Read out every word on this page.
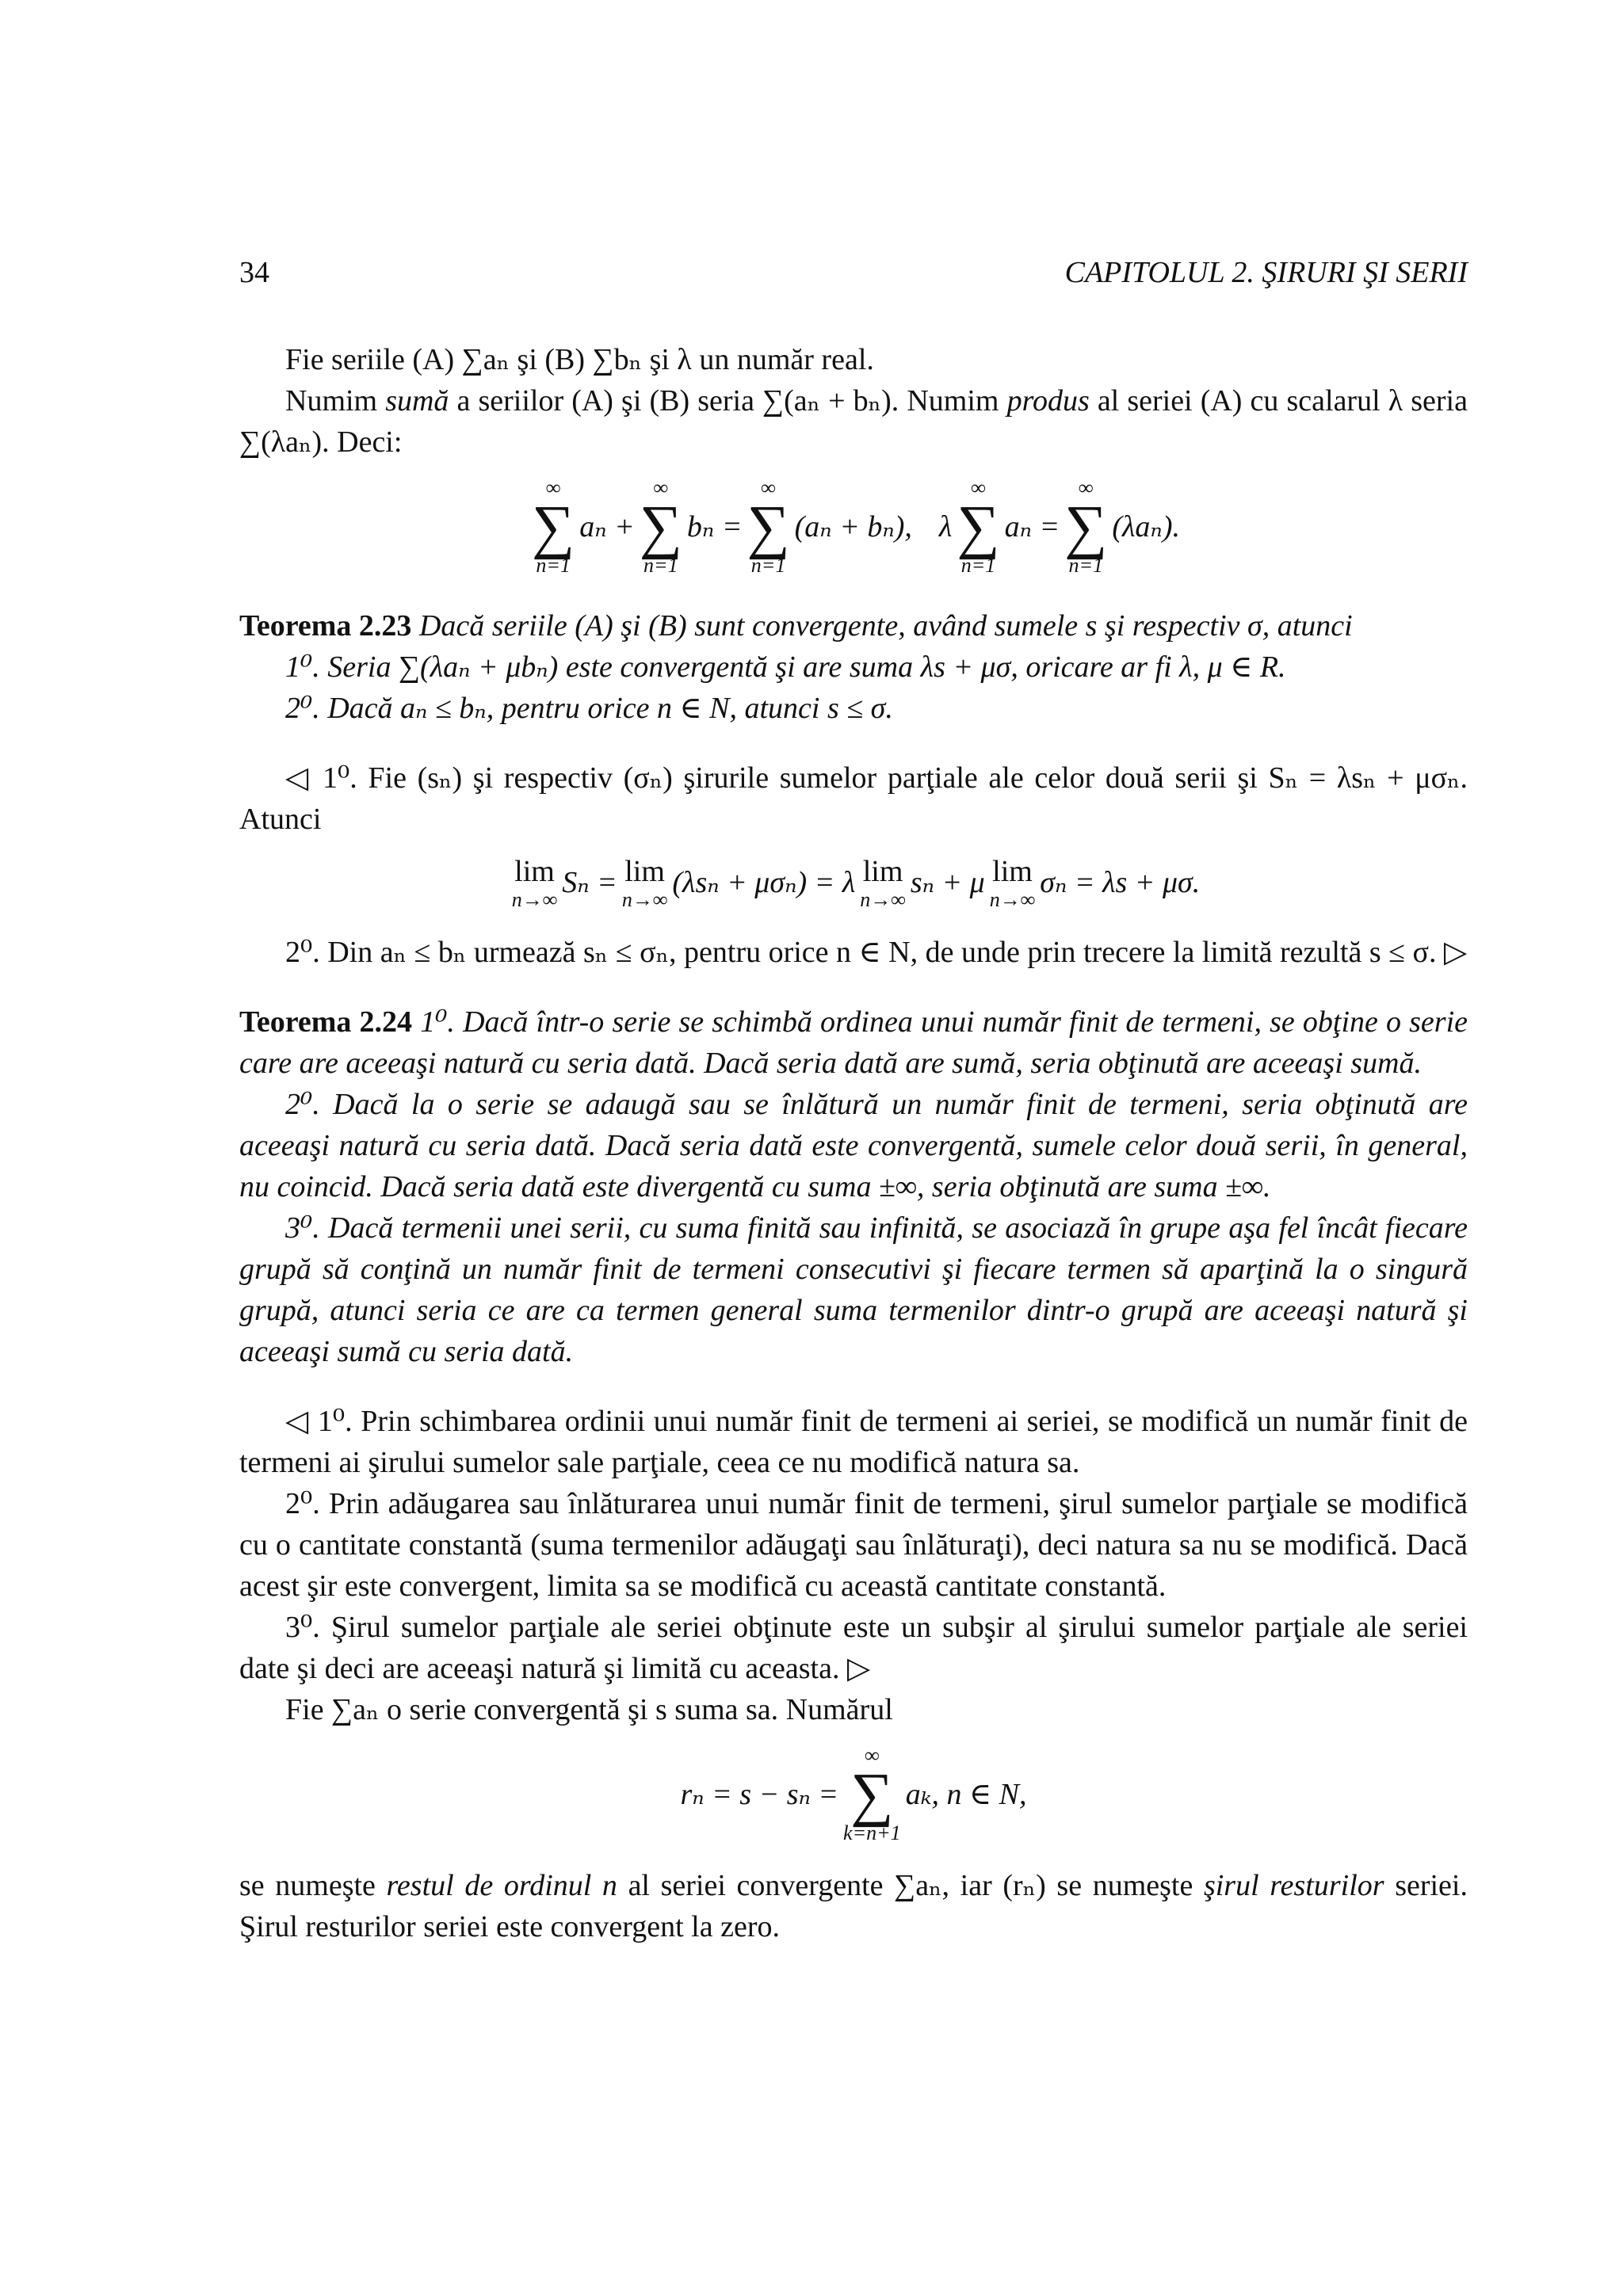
34	CAPITOLUL 2. ŞIRURI ŞI SERII

Fie seriile (A) ∑aₙ şi (B) ∑bₙ şi λ un număr real.

Numim sumă a seriilor (A) şi (B) seria ∑(aₙ + bₙ). Numim produs al seriei (A) cu scalarul λ seria ∑(λaₙ). Deci:

∞
∑
n=1
aₙ +
∞
∑
n=1
bₙ =
∞
∑
n=1
(aₙ + bₙ), λ
∞
∑
n=1
aₙ =
∞
∑
n=1
(λaₙ).

Teorema 2.23 Dacă seriile (A) şi (B) sunt convergente, având sumele s şi respectiv σ, atunci

1⁰. Seria ∑(λaₙ + μbₙ) este convergentă şi are suma λs + μσ, oricare ar fi λ, μ ∈ R.

2⁰. Dacă aₙ ≤ bₙ, pentru orice n ∈ N, atunci s ≤ σ.

◁ 1⁰. Fie (sₙ) şi respectiv (σₙ) şirurile sumelor parţiale ale celor două serii şi Sₙ = λsₙ + μσₙ. Atunci

lim
n→∞
Sₙ = lim
n→∞
(λsₙ + μσₙ) = λ lim
n→∞
sₙ + μ lim
n→∞
σₙ = λs + μσ.

2⁰. Din aₙ ≤ bₙ urmează sₙ ≤ σₙ, pentru orice n ∈ N, de unde prin trecere la limită rezultă s ≤ σ. ▷

Teorema 2.24 1⁰. Dacă într-o serie se schimbă ordinea unui număr finit de termeni, se obţine o serie care are aceeaşi natură cu seria dată. Dacă seria dată are sumă, seria obţinută are aceeaşi sumă.

2⁰. Dacă la o serie se adaugă sau se înlătură un număr finit de termeni, seria obţinută are aceeaşi natură cu seria dată. Dacă seria dată este convergentă, sumele celor două serii, în general, nu coincid. Dacă seria dată este divergentă cu suma ±∞, seria obţinută are suma ±∞.

3⁰. Dacă termenii unei serii, cu suma finită sau infinită, se asociază în grupe aşa fel încât fiecare grupă să conţină un număr finit de termeni consecutivi şi fiecare termen să aparţină la o singură grupă, atunci seria ce are ca termen general suma termenilor dintr-o grupă are aceeaşi natură şi aceeaşi sumă cu seria dată.

◁ 1⁰. Prin schimbarea ordinii unui număr finit de termeni ai seriei, se modifică un număr finit de termeni ai şirului sumelor sale parţiale, ceea ce nu modifică natura sa.

2⁰. Prin adăugarea sau înlăturarea unui număr finit de termeni, şirul sumelor parţiale se modifică cu o cantitate constantă (suma termenilor adăugaţi sau înlăturaţi), deci natura sa nu se modifică. Dacă acest şir este convergent, limita sa se modifică cu această cantitate constantă.

3⁰. Şirul sumelor parţiale ale seriei obţinute este un subşir al şirului sumelor parţiale ale seriei date şi deci are aceeaşi natură şi limită cu aceasta. ▷

Fie ∑aₙ o serie convergentă şi s suma sa. Numărul

rₙ = s − sₙ =
∞
∑
k=n+1
aₖ, n ∈ N,

se numeşte restul de ordinul n al seriei convergente ∑aₙ, iar (rₙ) se numeşte şirul resturilor seriei. Şirul resturilor seriei este convergent la zero.
